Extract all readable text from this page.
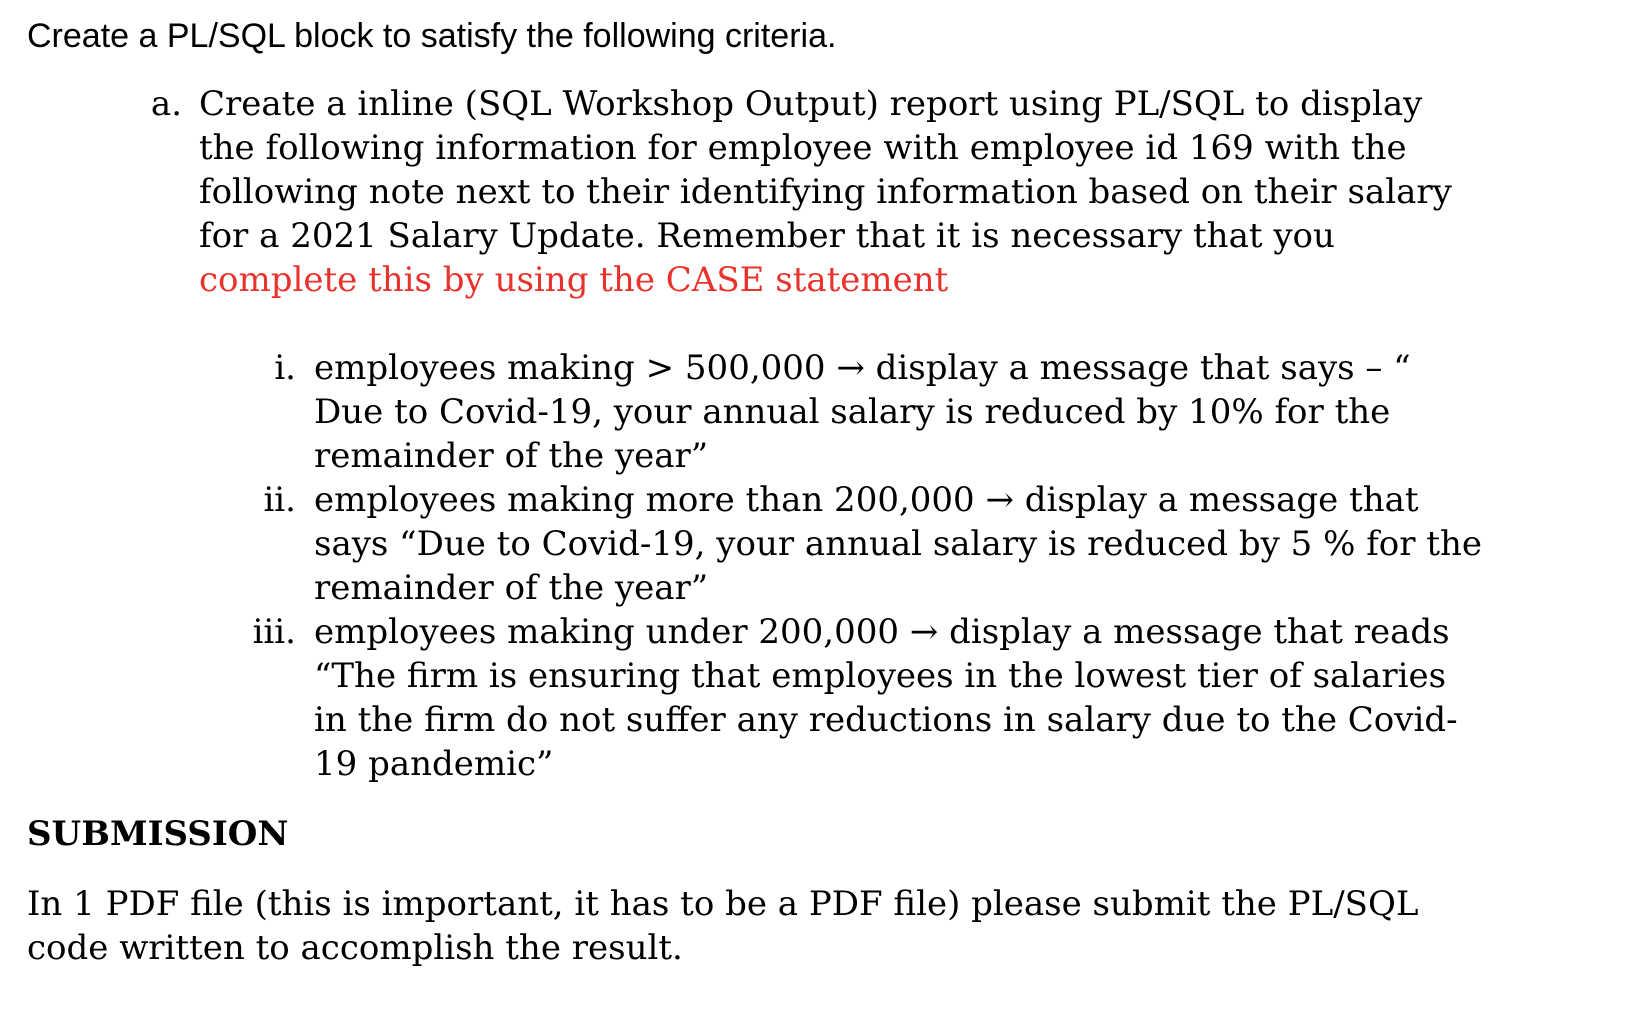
Create a PL/SQL block to satisfy the following criteria.
a. Create a inline (SQL Workshop Output) report using PL/SQL to display
the following information for employee with employee id 169 with the
following note next to their identifying information based on their salary
for a 2021 Salary Update. Remember that it is necessary that you
complete this by using the CASE statement
i. employees making > 500,000 → display a message that says – “
Due to Covid-19, your annual salary is reduced by 10% for the
remainder of the year”
ii. employees making more than 200,000 → display a message that
says “Due to Covid-19, your annual salary is reduced by 5 % for the
remainder of the year”
iii. employees making under 200,000 → display a message that reads
“The firm is ensuring that employees in the lowest tier of salaries
in the firm do not suffer any reductions in salary due to the Covid-
19 pandemic”
SUBMISSION
In 1 PDF file (this is important, it has to be a PDF file) please submit the PL/SQL
code written to accomplish the result.
